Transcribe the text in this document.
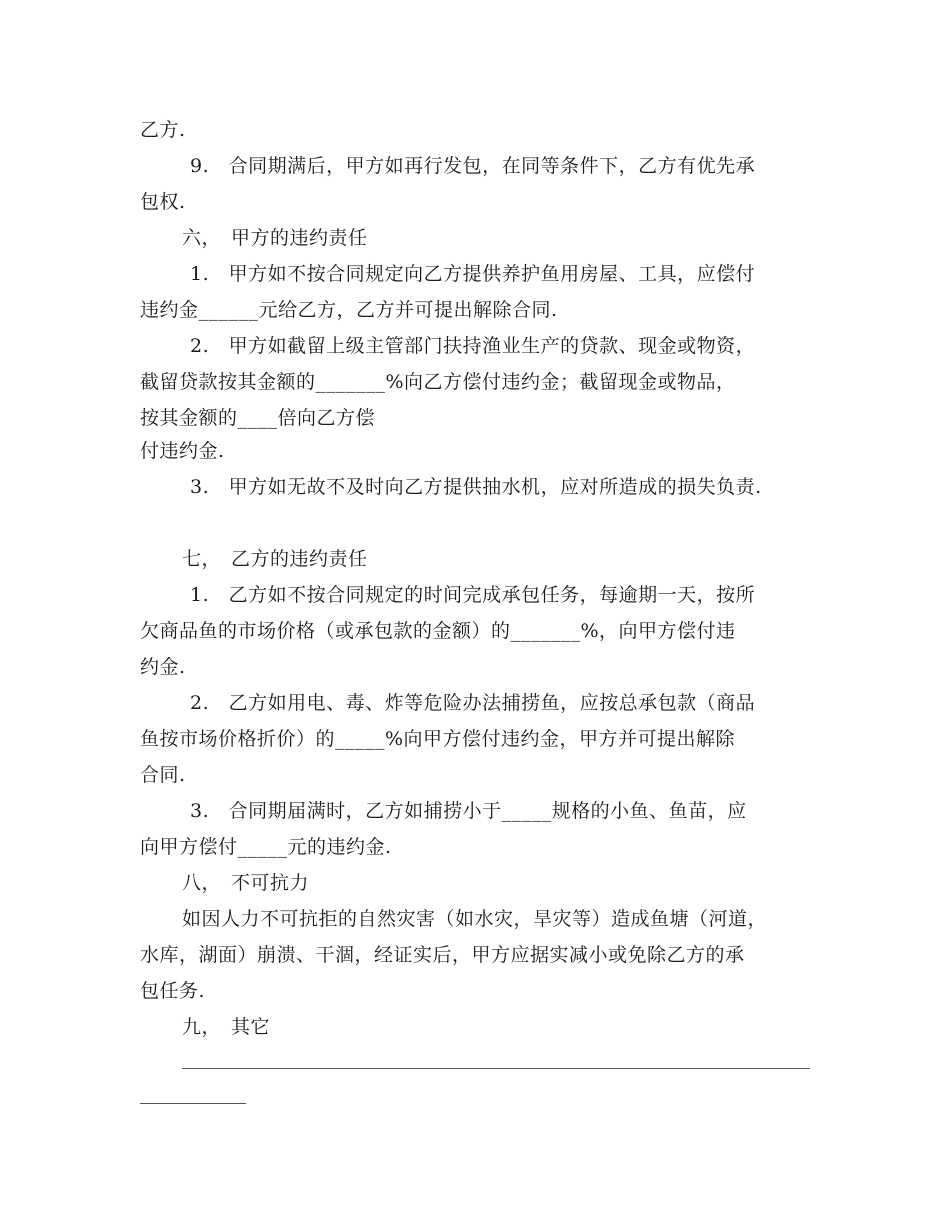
乙方.
9.　合同期满后，甲方如再行发包，在同等条件下，乙方有优先承
包权.
六，　甲方的违约责任
1.　甲方如不按合同规定向乙方提供养护鱼用房屋、工具，应偿付
违约金______元给乙方，乙方并可提出解除合同.
2.　甲方如截留上级主管部门扶持渔业生产的贷款、现金或物资，
截留贷款按其金额的_______%向乙方偿付违约金；截留现金或物品，
按其金额的____倍向乙方偿
付违约金.
3.　甲方如无故不及时向乙方提供抽水机，应对所造成的损失负责.
七，　乙方的违约责任
1.　乙方如不按合同规定的时间完成承包任务，每逾期一天，按所
欠商品鱼的市场价格（或承包款的金额）的_______%，向甲方偿付违
约金.
2.　乙方如用电、毒、炸等危险办法捕捞鱼，应按总承包款（商品
鱼按市场价格折价）的_____%向甲方偿付违约金，甲方并可提出解除
合同.
3.　合同期届满时，乙方如捕捞小于_____规格的小鱼、鱼苗，应
向甲方偿付_____元的违约金.
八，　不可抗力
如因人力不可抗拒的自然灾害（如水灾，旱灾等）造成鱼塘（河道，
水库，湖面）崩溃、干涸，经证实后，甲方应据实减小或免除乙方的承
包任务.
九，　其它
